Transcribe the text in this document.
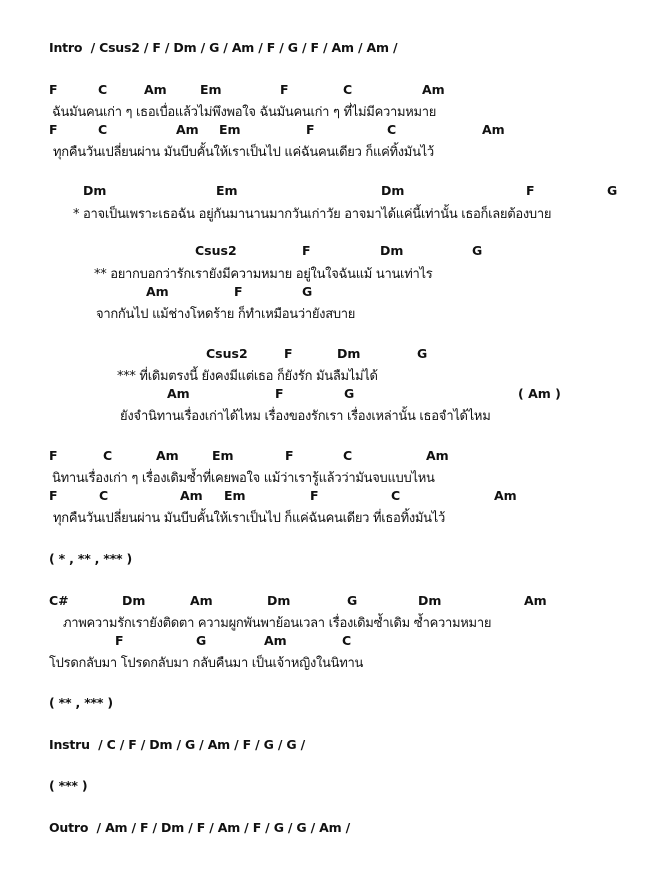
Intro  / Csus2 / F / Dm / G / Am / F / G / F / Am / Am /
F	C	Am	Em	F	C	Am
ฉันมันคนเก่า ๆ เธอเบื่อแล้วไม่พึงพอใจ ฉันมันคนเก่า ๆ ที่ไม่มีความหมาย
F	C	Am Em	F	C	Am
ทุกคืนวันเปลี่ยนผ่าน มันบีบคั้นให้เราเป็นไป แค่ฉันคนเดียว ก็แค่ทิ้งมันไว้
Dm	Em	Dm	F	G
* อาจเป็นเพราะเธอฉัน อยู่กันมานานมากวันเก่าวัย อาจมาได้แค่นี้เท่านั้น เธอก็เลยต้องบาย
Csus2	F	Dm	G
** อยากบอกว่ารักเรายังมีความหมาย อยู่ในใจฉันแม้ นานเท่าไร
Am	F	G
จากกันไป แม้ช่างโหดร้าย ก็ทำเหมือนว่ายังสบาย
Csus2	F	Dm	G
*** ที่เดิมตรงนี้ ยังคงมีแต่เธอ ก็ยังรัก มันลืมไม่ได้
Am	F	G	( Am )
ยังจำนิทานเรื่องเก่าได้ไหม เรื่องของรักเรา เรื่องเหล่านั้น เธอจำได้ไหม
F	C	Am	Em	F	C	Am
นิทานเรื่องเก่า ๆ เรื่องเดิมซ้ำที่เคยพอใจ แม้ว่าเรารู้แล้วว่ามันจบแบบไหน
F	C	Am Em	F	C	Am
ทุกคืนวันเปลี่ยนผ่าน มันบีบคั้นให้เราเป็นไป ก็แค่ฉันคนเดียว ที่เธอทิ้งมันไว้
( * , ** , *** )
C#	Dm	Am	Dm	G	Dm	Am
ภาพความรักเรายังติดตา ความผูกพันพาย้อนเวลา เรื่องเดิมซ้ำเดิม ซ้ำความหมาย
F	G	Am	C
โปรดกลับมา โปรดกลับมา กลับคืนมา เป็นเจ้าหญิงในนิทาน
( ** , *** )
Instru  / C / F / Dm / G / Am / F / G / G /
( *** )
Outro  / Am / F / Dm / F / Am / F / G / G / Am /
